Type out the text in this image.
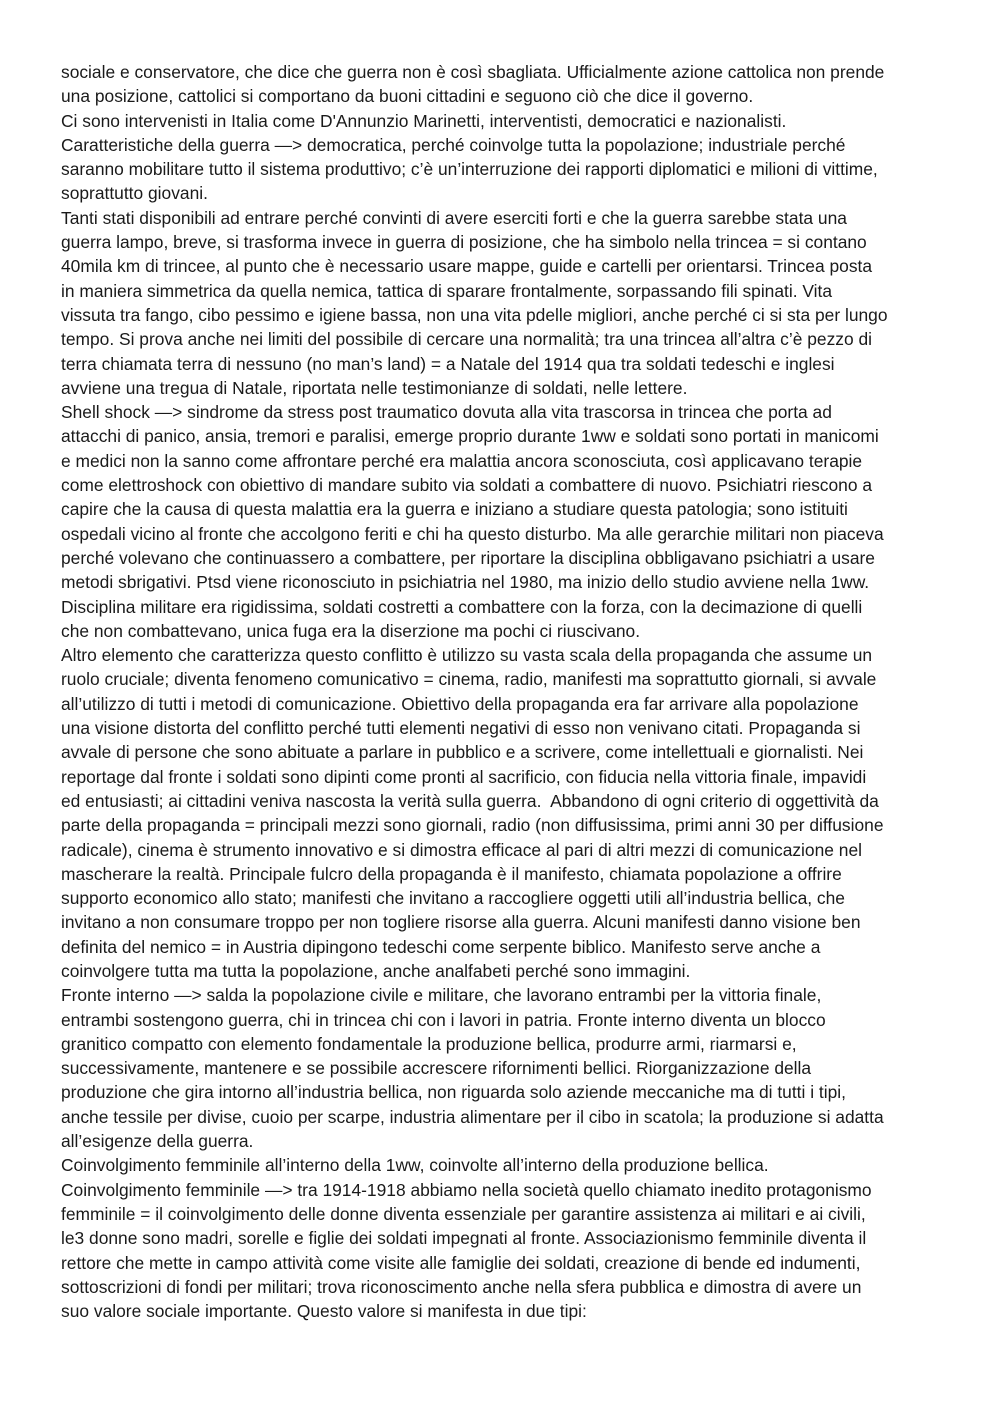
sociale e conservatore, che dice che guerra non è così sbagliata. Ufficialmente azione cattolica non prende
una posizione, cattolici si comportano da buoni cittadini e seguono ciò che dice il governo.
Ci sono intervenisti in Italia come D'Annunzio Marinetti, interventisti, democratici e nazionalisti.
Caratteristiche della guerra —> democratica, perché coinvolge tutta la popolazione; industriale perché
saranno mobilitare tutto il sistema produttivo; c’è un’interruzione dei rapporti diplomatici e milioni di vittime,
soprattutto giovani.
Tanti stati disponibili ad entrare perché convinti di avere eserciti forti e che la guerra sarebbe stata una
guerra lampo, breve, si trasforma invece in guerra di posizione, che ha simbolo nella trincea = si contano
40mila km di trincee, al punto che è necessario usare mappe, guide e cartelli per orientarsi. Trincea posta
in maniera simmetrica da quella nemica, tattica di sparare frontalmente, sorpassando fili spinati. Vita
vissuta tra fango, cibo pessimo e igiene bassa, non una vita pdelle migliori, anche perché ci si sta per lungo
tempo. Si prova anche nei limiti del possibile di cercare una normalità; tra una trincea all’altra c’è pezzo di
terra chiamata terra di nessuno (no man’s land) = a Natale del 1914 qua tra soldati tedeschi e inglesi
avviene una tregua di Natale, riportata nelle testimonianze di soldati, nelle lettere.
Shell shock —> sindrome da stress post traumatico dovuta alla vita trascorsa in trincea che porta ad
attacchi di panico, ansia, tremori e paralisi, emerge proprio durante 1ww e soldati sono portati in manicomi
e medici non la sanno come affrontare perché era malattia ancora sconosciuta, così applicavano terapie
come elettroshock con obiettivo di mandare subito via soldati a combattere di nuovo. Psichiatri riescono a
capire che la causa di questa malattia era la guerra e iniziano a studiare questa patologia; sono istituiti
ospedali vicino al fronte che accolgono feriti e chi ha questo disturbo. Ma alle gerarchie militari non piaceva
perché volevano che continuassero a combattere, per riportare la disciplina obbligavano psichiatri a usare
metodi sbrigativi. Ptsd viene riconosciuto in psichiatria nel 1980, ma inizio dello studio avviene nella 1ww.
Disciplina militare era rigidissima, soldati costretti a combattere con la forza, con la decimazione di quelli
che non combattevano, unica fuga era la diserzione ma pochi ci riuscivano.
Altro elemento che caratterizza questo conflitto è utilizzo su vasta scala della propaganda che assume un
ruolo cruciale; diventa fenomeno comunicativo = cinema, radio, manifesti ma soprattutto giornali, si avvale
all’utilizzo di tutti i metodi di comunicazione. Obiettivo della propaganda era far arrivare alla popolazione
una visione distorta del conflitto perché tutti elementi negativi di esso non venivano citati. Propaganda si
avvale di persone che sono abituate a parlare in pubblico e a scrivere, come intellettuali e giornalisti. Nei
reportage dal fronte i soldati sono dipinti come pronti al sacrificio, con fiducia nella vittoria finale, impavidi
ed entusiasti; ai cittadini veniva nascosta la verità sulla guerra.  Abbandono di ogni criterio di oggettività da
parte della propaganda = principali mezzi sono giornali, radio (non diffusissima, primi anni 30 per diffusione
radicale), cinema è strumento innovativo e si dimostra efficace al pari di altri mezzi di comunicazione nel
mascherare la realtà. Principale fulcro della propaganda è il manifesto, chiamata popolazione a offrire
supporto economico allo stato; manifesti che invitano a raccogliere oggetti utili all’industria bellica, che
invitano a non consumare troppo per non togliere risorse alla guerra. Alcuni manifesti danno visione ben
definita del nemico = in Austria dipingono tedeschi come serpente biblico. Manifesto serve anche a
coinvolgere tutta ma tutta la popolazione, anche analfabeti perché sono immagini.
Fronte interno —> salda la popolazione civile e militare, che lavorano entrambi per la vittoria finale,
entrambi sostengono guerra, chi in trincea chi con i lavori in patria. Fronte interno diventa un blocco
granitico compatto con elemento fondamentale la produzione bellica, produrre armi, riarmarsi e,
successivamente, mantenere e se possibile accrescere rifornimenti bellici. Riorganizzazione della
produzione che gira intorno all’industria bellica, non riguarda solo aziende meccaniche ma di tutti i tipi,
anche tessile per divise, cuoio per scarpe, industria alimentare per il cibo in scatola; la produzione si adatta
all’esigenze della guerra.
Coinvolgimento femminile all’interno della 1ww, coinvolte all’interno della produzione bellica.
Coinvolgimento femminile —> tra 1914-1918 abbiamo nella società quello chiamato inedito protagonismo
femminile = il coinvolgimento delle donne diventa essenziale per garantire assistenza ai militari e ai civili,
le3 donne sono madri, sorelle e figlie dei soldati impegnati al fronte. Associazionismo femminile diventa il
rettore che mette in campo attività come visite alle famiglie dei soldati, creazione di bende ed indumenti,
sottoscrizioni di fondi per militari; trova riconoscimento anche nella sfera pubblica e dimostra di avere un
suo valore sociale importante. Questo valore si manifesta in due tipi:
